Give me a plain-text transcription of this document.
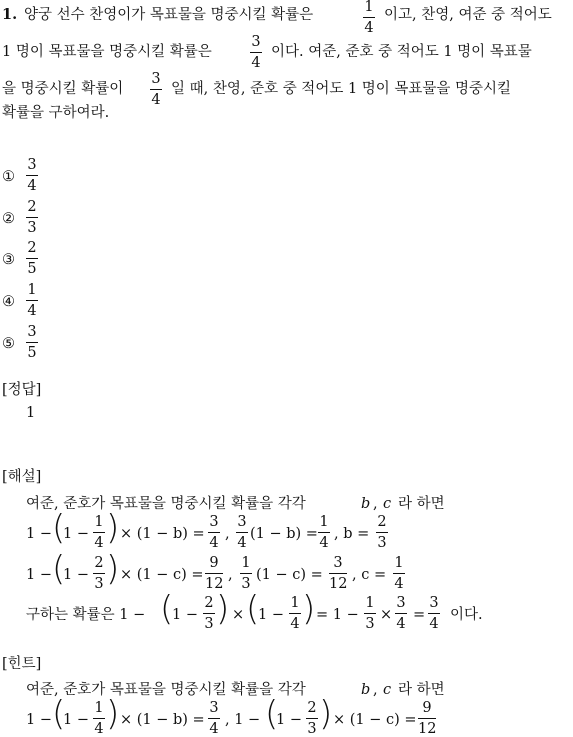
1. 양궁 선수 찬영이가 목표물을 명중시킬 확률은	1
4
이고, 찬영, 여준 중 적어도
1 명이 목표물을 명중시킬 확률은
3
4
이다. 여준, 준호 중 적어도 1 명이 목표물
을 명중시킬 확률이
3
4
일 때, 찬영, 준호 중 적어도 1 명이 목표물을 명중시킬
확률을 구하여라.
①
3
4
②
2
3
③
2
5
④
1
4
⑤
3
5
[정답]
1
[해설]
여준, 준호가 목표물을 명중시킬 확률을 각각	b , c 라 하면
1 − (
1 −
1
4 ) × (1 − b) =
3
4
,
3
4
(1 − b) =
1
4
, b =
2
3
1 − (
1 −
2
3 ) × (1 − c) =
9
12
,
1
3
(1 − c) =
3
12
, c =
1
4
구하는 확률은 1 − (
1 −
2
3 ) × (
1 −
1
4 ) = 1 −
1
3
×
3
4
=
3
4
이다.
[힌트]
여준, 준호가 목표물을 명중시킬 확률을 각각	b , c 라 하면
1 − (
1 −
1
4 ) × (1 − b) =
3
4
, 1 − (
1 −
2
3 ) × (1 − c) =
9
12
